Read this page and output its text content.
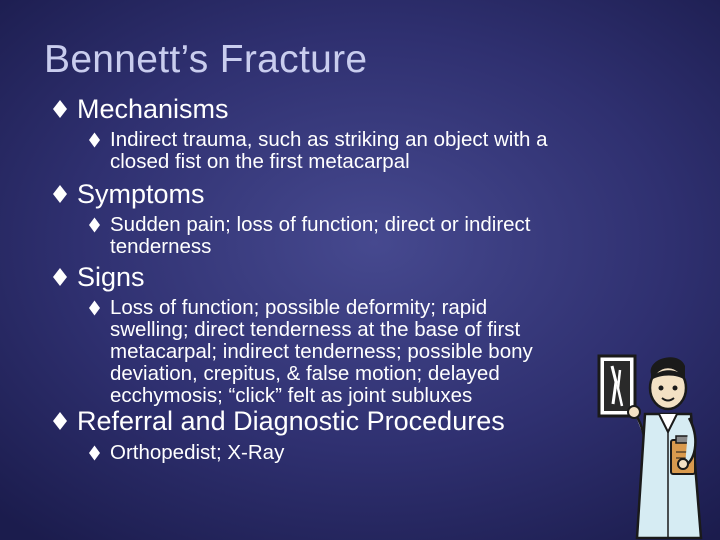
Bennett’s Fracture
Mechanisms
Indirect trauma, such as striking an object with a
closed fist on the first metacarpal
Symptoms
Sudden pain; loss of function; direct or indirect
tenderness
Signs
Loss of function; possible deformity; rapid
swelling; direct tenderness at the base of first
metacarpal; indirect tenderness; possible bony
deviation, crepitus, & false motion; delayed
ecchymosis; “click” felt as joint subluxes
Referral and Diagnostic Procedures
Orthopedist; X-Ray
